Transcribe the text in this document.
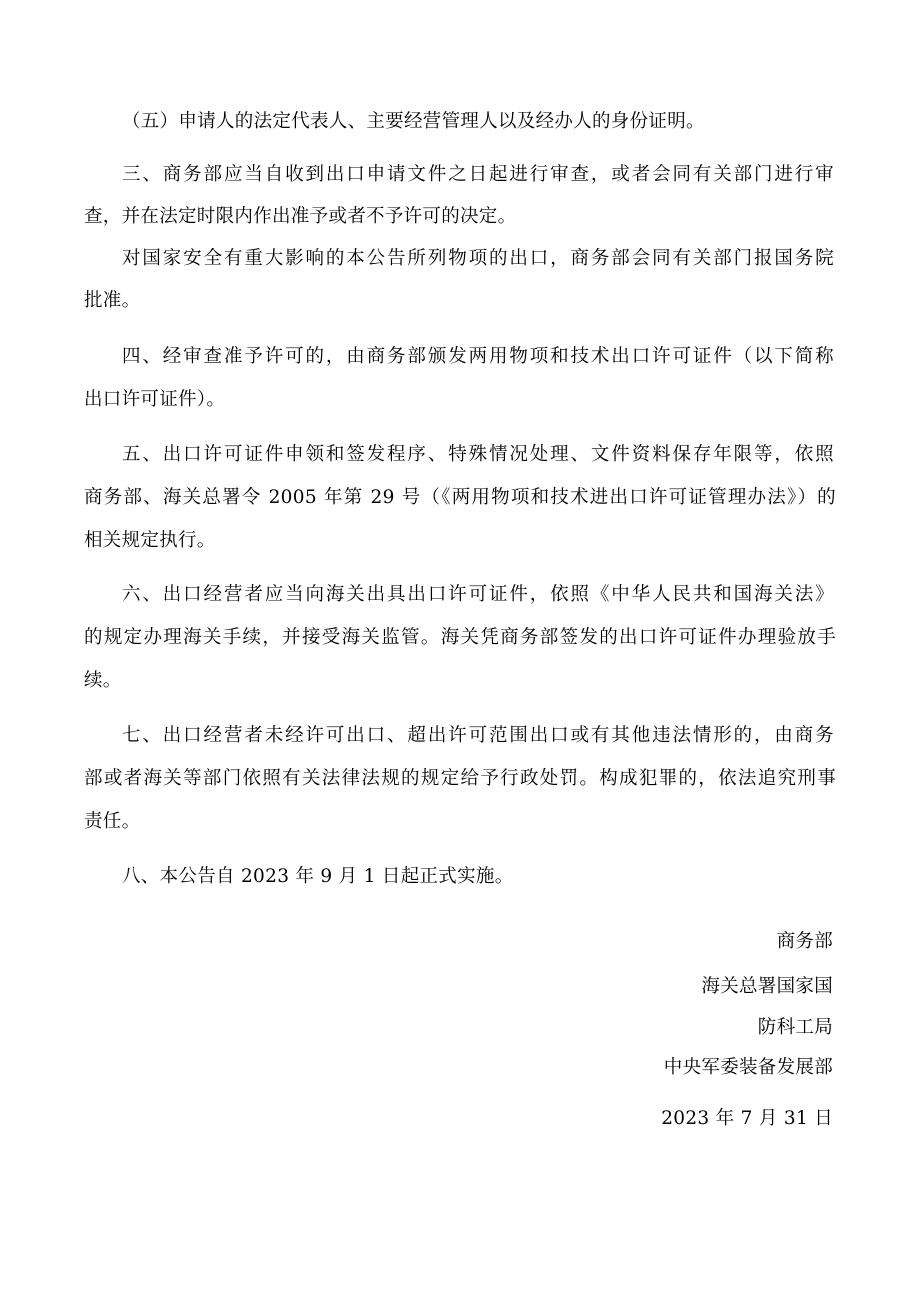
（五）申请人的法定代表人、主要经营管理人以及经办人的身份证明。
三、商务部应当自收到出口申请文件之日起进行审查，或者会同有关部门进行审
查，并在法定时限内作出准予或者不予许可的决定。
对国家安全有重大影响的本公告所列物项的出口，商务部会同有关部门报国务院
批准。
四、经审查准予许可的，由商务部颁发两用物项和技术出口许可证件（以下简称
出口许可证件）。
五、出口许可证件申领和签发程序、特殊情况处理、文件资料保存年限等，依照
商务部、海关总署令 2005 年第 29 号（《两用物项和技术进出口许可证管理办法》）的
相关规定执行。
六、出口经营者应当向海关出具出口许可证件，依照《中华人民共和国海关法》
的规定办理海关手续，并接受海关监管。海关凭商务部签发的出口许可证件办理验放手
续。
七、出口经营者未经许可出口、超出许可范围出口或有其他违法情形的，由商务
部或者海关等部门依照有关法律法规的规定给予行政处罚。构成犯罪的，依法追究刑事
责任。
八、本公告自 2023 年 9 月 1 日起正式实施。
商务部
海关总署国家国
防科工局
中央军委装备发展部
2023 年 7 月 31 日
